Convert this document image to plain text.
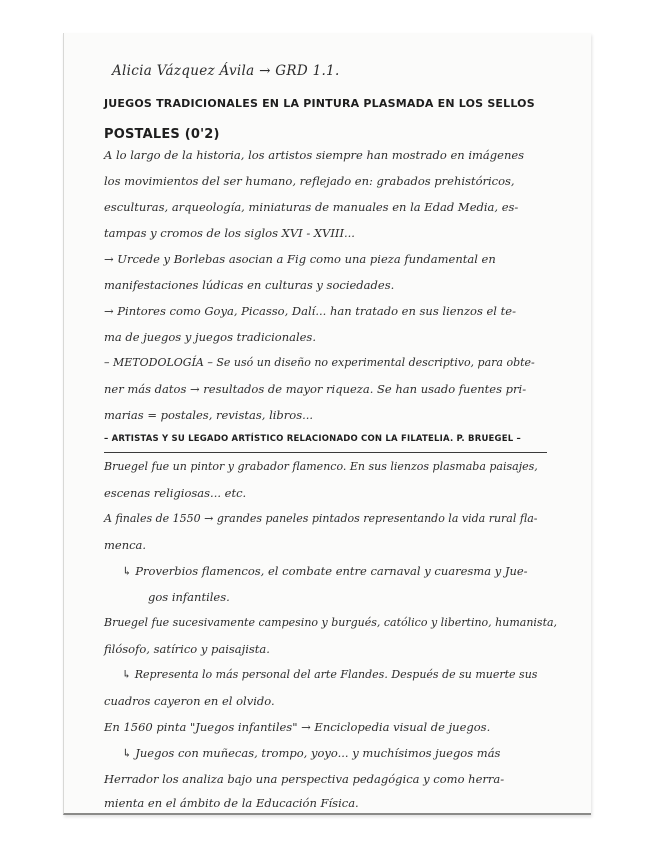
Alicia Vázquez Ávila → GRD 1.1.
JUEGOS TRADICIONALES EN LA PINTURA PLASMADA EN LOS SELLOS
POSTALES (0'2)
A lo largo de la historia, los artistos siempre han mostrado en imágenes
los movimientos del ser humano, reflejado en: grabados prehistóricos,
esculturas, arqueología, miniaturas de manuales en la Edad Media, es-
tampas y cromos de los siglos XVI - XVIII...
→ Urcede y Borlebas asocian a Fig como una pieza fundamental en
manifestaciones lúdicas en culturas y sociedades.
→ Pintores como Goya, Picasso, Dalí... han tratado en sus lienzos el te-
ma de juegos y juegos tradicionales.
– METODOLOGÍA – Se usó un diseño no experimental descriptivo, para obte-
ner más datos → resultados de mayor riqueza. Se han usado fuentes pri-
marias = postales, revistas, libros...
– ARTISTAS Y SU LEGADO ARTÍSTICO RELACIONADO CON LA FILATELIA. P. BRUEGEL –
Bruegel fue un pintor y grabador flamenco. En sus lienzos plasmaba paisajes,
escenas religiosas... etc.
A finales de 1550 → grandes paneles pintados representando la vida rural fla-
menca.
↳ Proverbios flamencos, el combate entre carnaval y cuaresma y Jue-
gos infantiles.
Bruegel fue sucesivamente campesino y burgués, católico y libertino, humanista,
filósofo, satírico y paisajista.
↳ Representa lo más personal del arte Flandes. Después de su muerte sus
cuadros cayeron en el olvido.
En 1560 pinta "Juegos infantiles" → Enciclopedia visual de juegos.
↳ Juegos con muñecas, trompo, yoyo... y muchísimos juegos más
Herrador los analiza bajo una perspectiva pedagógica y como herra-
mienta en el ámbito de la Educación Física.
